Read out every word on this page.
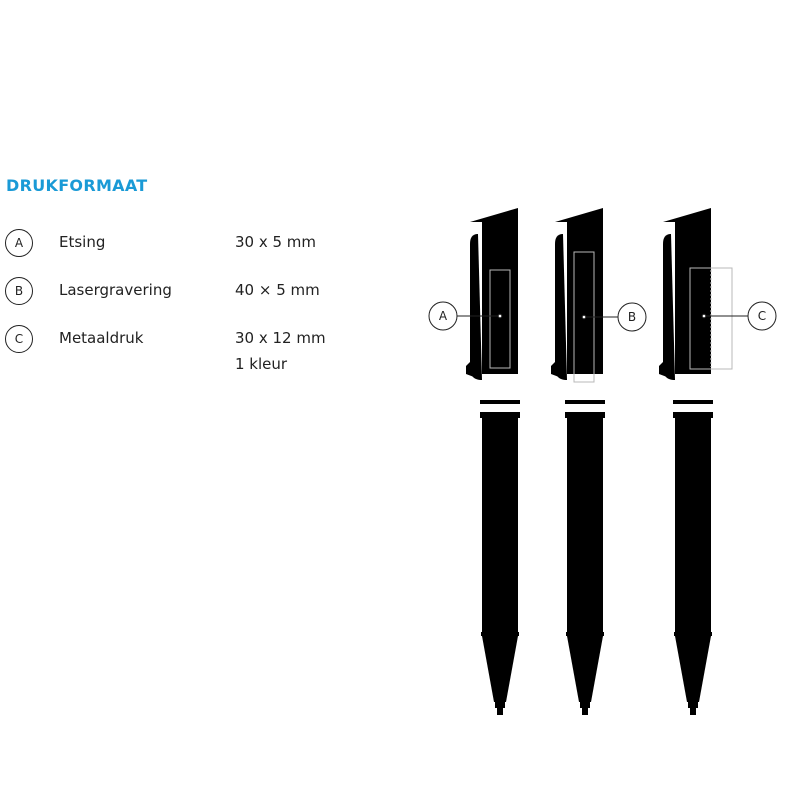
DRUKFORMAAT
A	Etsing	30 x 5 mm
B	Lasergravering	40 × 5 mm
C	Metaaldruk	30 x 12 mm
1 kleur
A	B	C
